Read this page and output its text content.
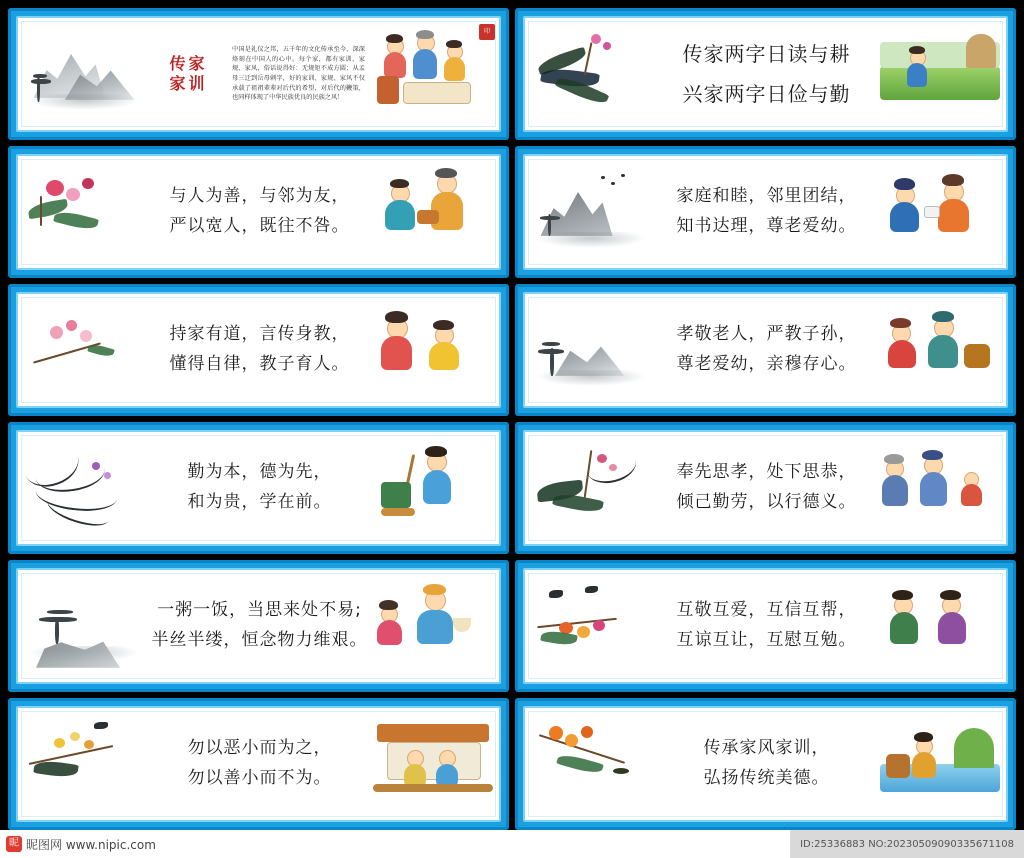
传 家
家 训
中国是礼仪之邦，五千年的文化传承至今，深深烙刻在中国人的心中。每个家，都有家训、家规、家风，俗话说得好：无规矩不成方圆；从孟母三迁到岳母刺字，好的家训、家规、家风不仅承载了祖祖辈辈对后代的希望，对后代的鞭策，也同样体现了中华民族优良的民族之风！
印
传家两字日读与耕
兴家两字日俭与勤
与人为善，与邻为友，
严以宽人，既往不咎。
家庭和睦，邻里团结，
知书达理，尊老爱幼。
持家有道，言传身教，
懂得自律，教子育人。
孝敬老人，严教子孙，
尊老爱幼，亲穆存心。
勤为本，德为先，
和为贵，学在前。
奉先思孝，处下思恭，
倾己勤劳，以行德义。
一粥一饭，当思来处不易;
半丝半缕，恒念物力维艰。
互敬互爱，互信互帮，
互谅互让，互慰互勉。
勿以恶小而为之，
勿以善小而不为。
传承家风家训，
弘扬传统美德。
昵 昵图网 www.nipic.com	ID:25336883 NO:20230509090335671108
